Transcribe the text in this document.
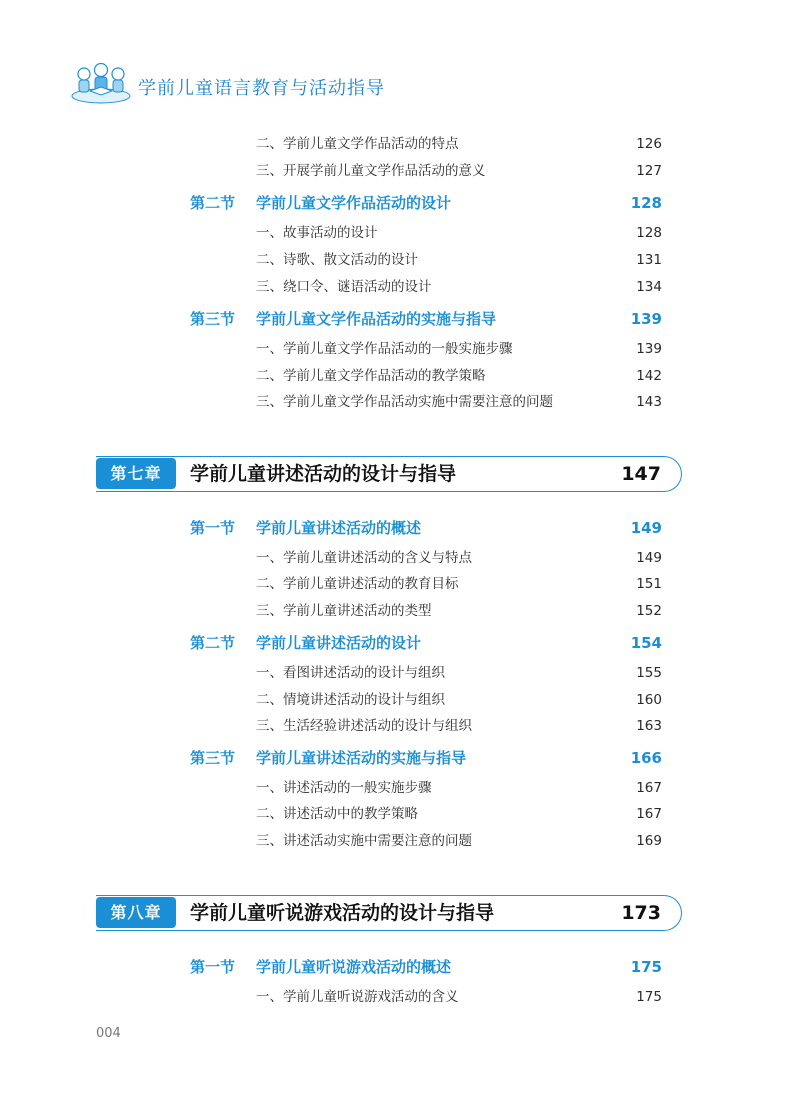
学前儿童语言教育与活动指导
二、学前儿童文学作品活动的特点	126
三、开展学前儿童文学作品活动的意义	127
第二节 学前儿童文学作品活动的设计	128
一、故事活动的设计	128
二、诗歌、散文活动的设计	131
三、绕口令、谜语活动的设计	134
第三节 学前儿童文学作品活动的实施与指导	139
一、学前儿童文学作品活动的一般实施步骤	139
二、学前儿童文学作品活动的教学策略	142
三、学前儿童文学作品活动实施中需要注意的问题	143
第七章	学前儿童讲述活动的设计与指导	147
第一节 学前儿童讲述活动的概述	149
一、学前儿童讲述活动的含义与特点	149
二、学前儿童讲述活动的教育目标	151
三、学前儿童讲述活动的类型	152
第二节 学前儿童讲述活动的设计	154
一、看图讲述活动的设计与组织	155
二、情境讲述活动的设计与组织	160
三、生活经验讲述活动的设计与组织	163
第三节 学前儿童讲述活动的实施与指导	166
一、讲述活动的一般实施步骤	167
二、讲述活动中的教学策略	167
三、讲述活动实施中需要注意的问题	169
第八章	学前儿童听说游戏活动的设计与指导	173
第一节 学前儿童听说游戏活动的概述	175
一、学前儿童听说游戏活动的含义	175
004
